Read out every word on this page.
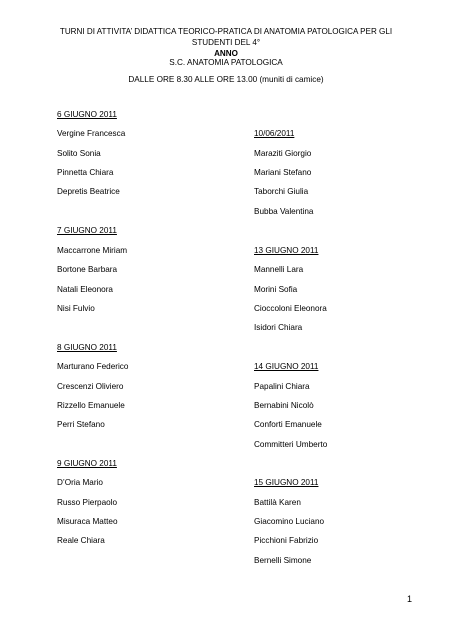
TURNI DI ATTIVITA’ DIDATTICA TEORICO-PRATICA DI ANATOMIA PATOLOGICA PER GLI STUDENTI DEL 4°
ANNO
S.C. ANATOMIA PATOLOGICA
DALLE ORE 8.30 ALLE ORE 13.00 (muniti di camice)
6 GIUGNO 2011
Vergine Francesca
Solito Sonia
Pinnetta Chiara
Depretis Beatrice
7 GIUGNO 2011
Maccarrone Miriam
Bortone Barbara
Natali Eleonora
Nisi Fulvio
8 GIUGNO 2011
Marturano Federico
Crescenzi Oliviero
Rizzello Emanuele
Perri Stefano
9 GIUGNO 2011
D’Oria Mario
Russo Pierpaolo
Misuraca Matteo
Reale Chiara
10/06/2011
Maraziti Giorgio
Mariani Stefano
Taborchi Giulia
Bubba Valentina
13 GIUGNO 2011
Mannelli Lara
Morini Sofia
Cioccoloni Eleonora
Isidori Chiara
14 GIUGNO 2011
Papalini Chiara
Bernabini Nicolò
Conforti Emanuele
Committeri Umberto
15 GIUGNO 2011
Battilà Karen
Giacomino Luciano
Picchioni Fabrizio
Bernelli Simone
1
